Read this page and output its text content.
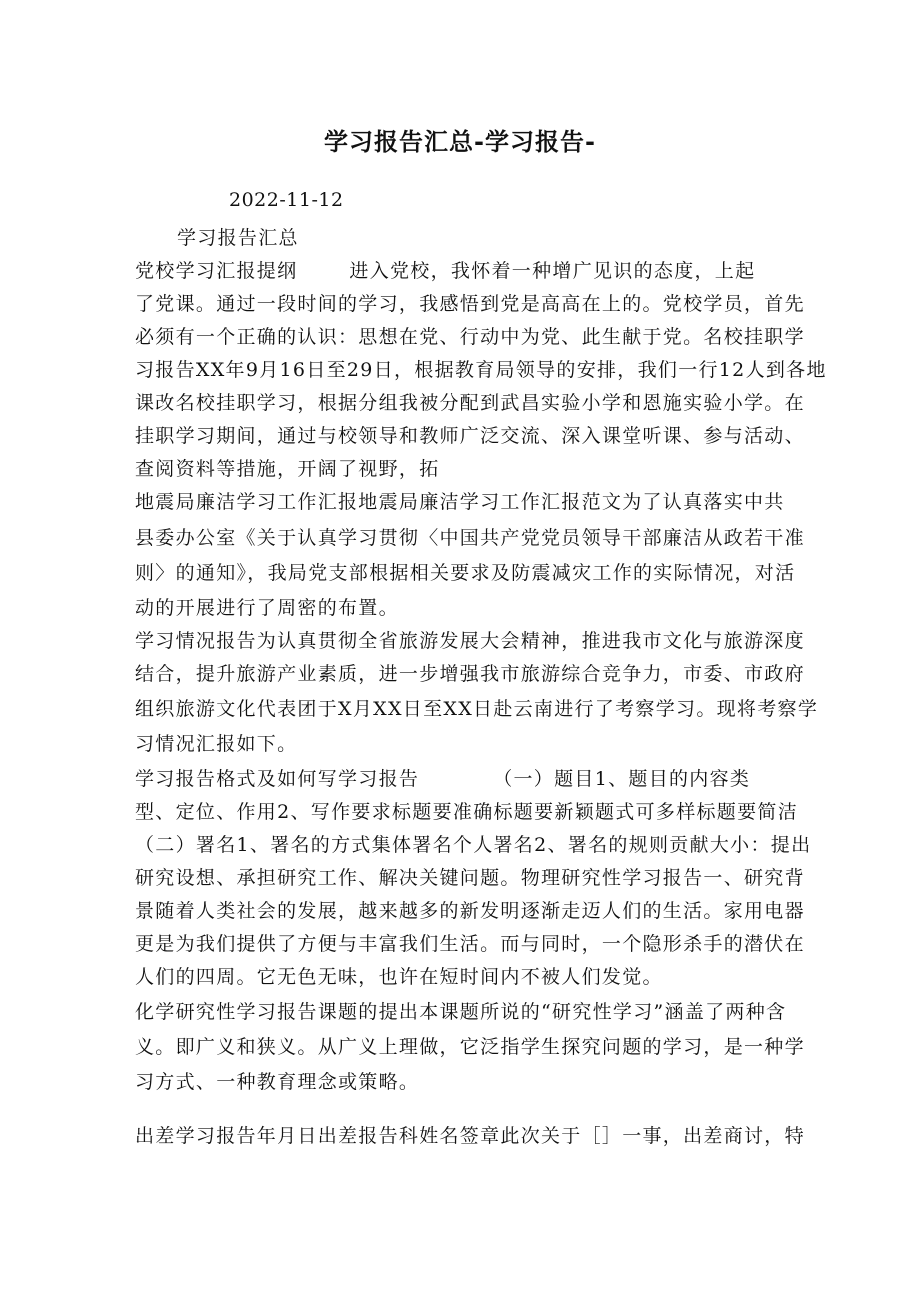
学习报告汇总-学习报告-
2022-11-12
学习报告汇总
党校学习汇报提纲	进入党校，我怀着一种增广见识的态度，上起
了党课。通过一段时间的学习，我感悟到党是高高在上的。党校学员，首先
必须有一个正确的认识：思想在党、行动中为党、此生献于党。名校挂职学
习报告XX年9月16日至29日，根据教育局领导的安排，我们一行12人到各地
课改名校挂职学习，根据分组我被分配到武昌实验小学和恩施实验小学。在
挂职学习期间，通过与校领导和教师广泛交流、深入课堂听课、参与活动、
查阅资料等措施，开阔了视野，拓
地震局廉洁学习工作汇报地震局廉洁学习工作汇报范文为了认真落实中共
县委办公室《关于认真学习贯彻〈中国共产党党员领导干部廉洁从政若干准
则〉的通知》，我局党支部根据相关要求及防震减灾工作的实际情况，对活
动的开展进行了周密的布置。
学习情况报告为认真贯彻全省旅游发展大会精神，推进我市文化与旅游深度
结合，提升旅游产业素质，进一步增强我市旅游综合竞争力，市委、市政府
组织旅游文化代表团于X月XX日至XX日赴云南进行了考察学习。现将考察学
习情况汇报如下。
学习报告格式及如何写学习报告	（一）题目1、题目的内容类
型、定位、作用2、写作要求标题要准确标题要新颖题式可多样标题要简洁
（二）署名1、署名的方式集体署名个人署名2、署名的规则贡献大小：提出
研究设想、承担研究工作、解决关键问题。物理研究性学习报告一、研究背
景随着人类社会的发展，越来越多的新发明逐渐走迈人们的生活。家用电器
更是为我们提供了方便与丰富我们生活。而与同时，一个隐形杀手的潜伏在
人们的四周。它无色无味，也许在短时间内不被人们发觉。
化学研究性学习报告课题的提出本课题所说的“研究性学习”涵盖了两种含
义。即广义和狭义。从广义上理做，它泛指学生探究问题的学习，是一种学
习方式、一种教育理念或策略。
出差学习报告年月日出差报告科姓名签章此次关于［］一事，出差商讨，特
